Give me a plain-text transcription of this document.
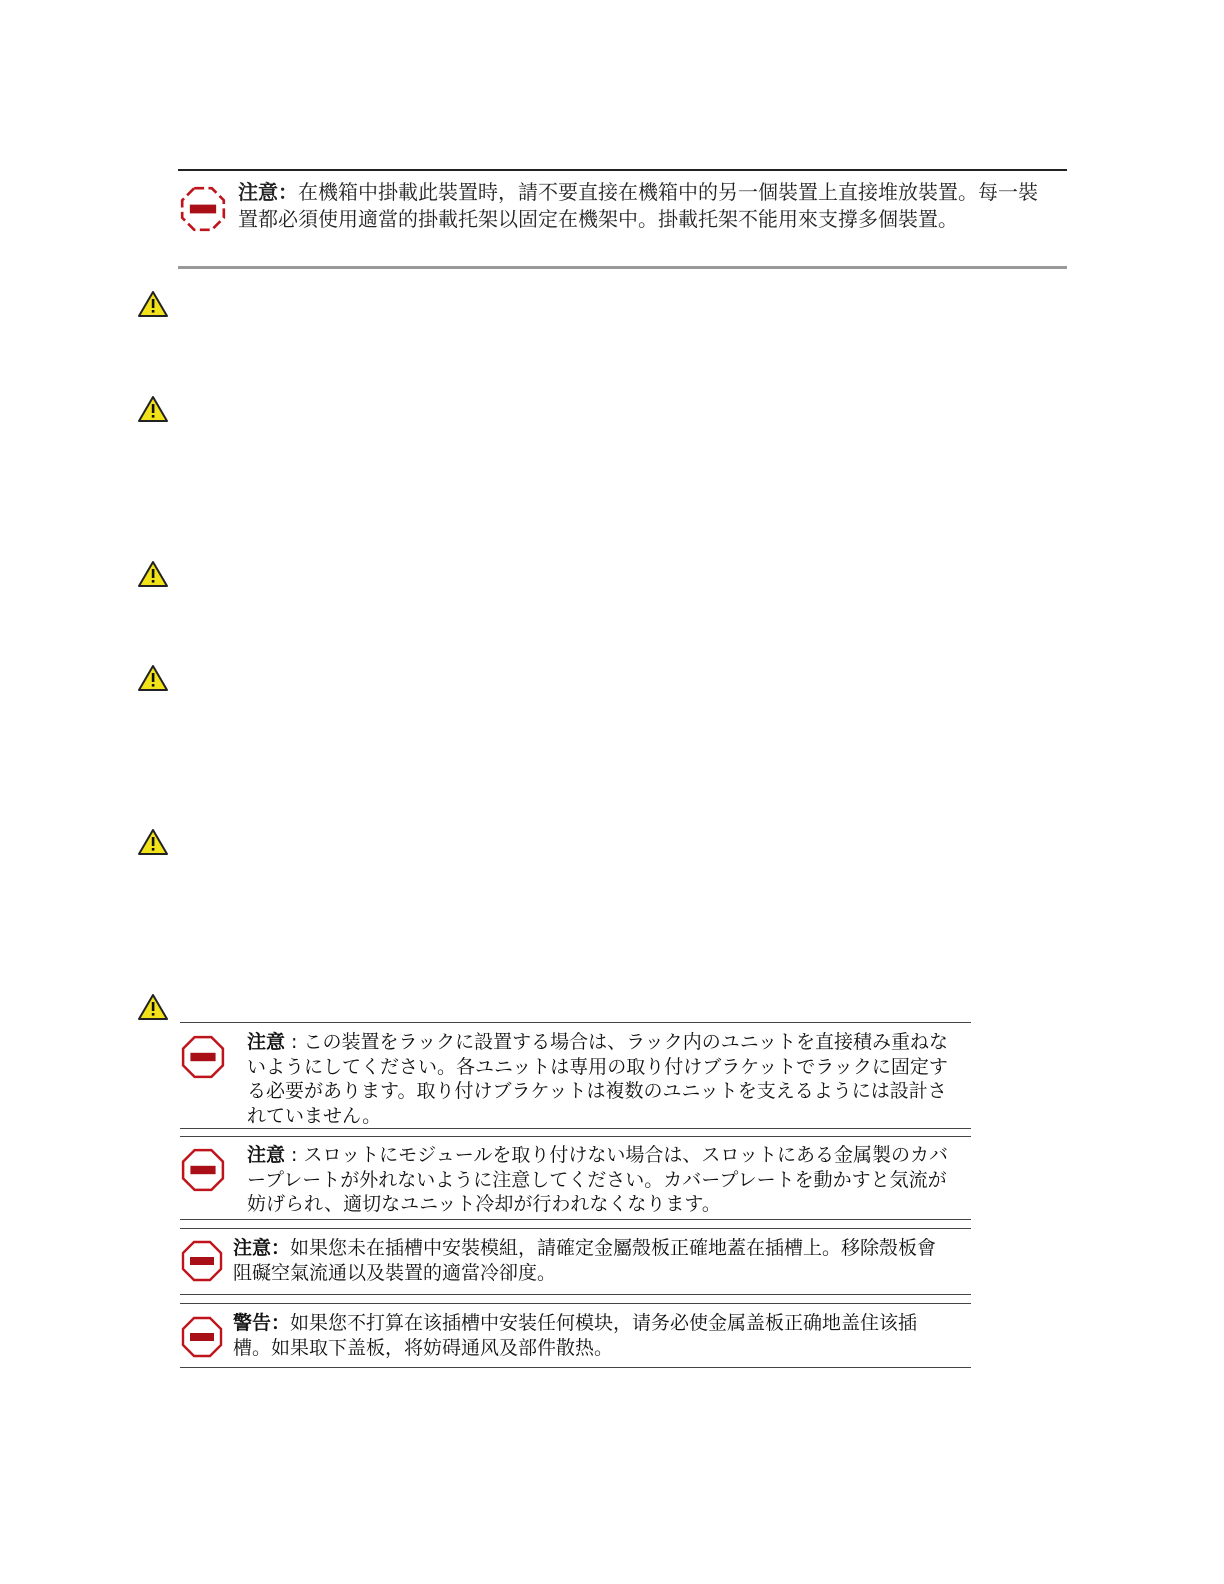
注意：在機箱中掛載此裝置時，請不要直接在機箱中的另一個裝置上直接堆放裝置。每一裝置都必須使用適當的掛載托架以固定在機架中。掛載托架不能用來支撐多個裝置。
注意 : この装置をラックに設置する場合は、ラック内のユニットを直接積み重ねないようにしてください。各ユニットは専用の取り付けブラケットでラックに固定する必要があります。取り付けブラケットは複数のユニットを支えるようには設計されていません。
注意 : スロットにモジュールを取り付けない場合は、スロットにある金属製のカバープレートが外れないように注意してください。カバープレートを動かすと気流が妨げられ、適切なユニット冷却が行われなくなります。
注意：如果您未在插槽中安裝模組，請確定金屬殼板正確地蓋在插槽上。移除殼板會阻礙空氣流通以及裝置的適當冷卻度。
警告：如果您不打算在该插槽中安装任何模块，请务必使金属盖板正确地盖住该插槽。如果取下盖板，将妨碍通风及部件散热。
